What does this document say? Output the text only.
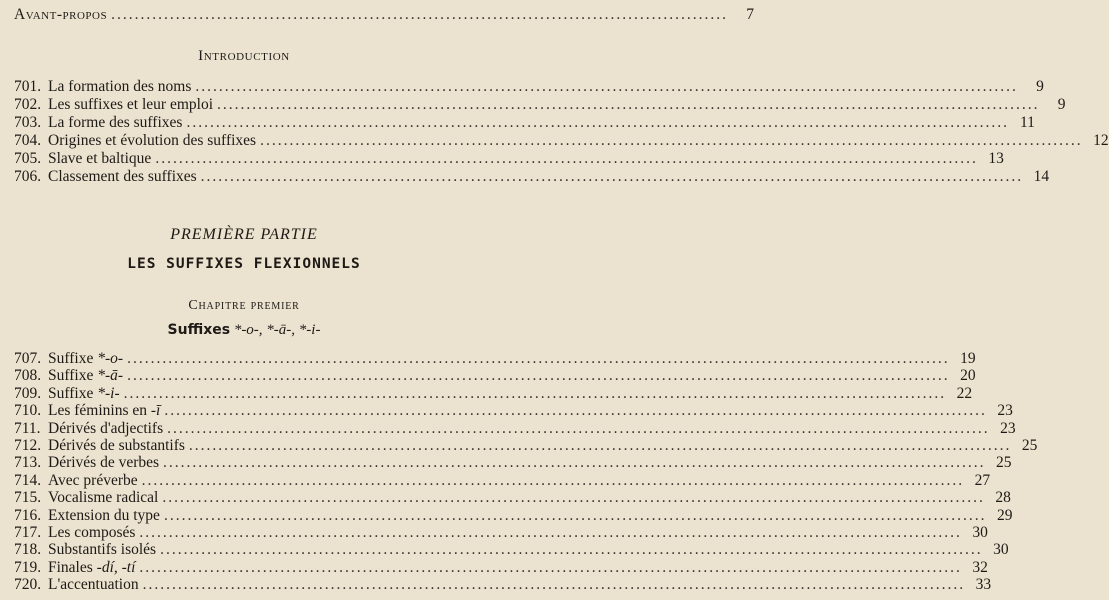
Avant-propos .........................................................................................................	7
Introduction
701. La formation des noms ............................................................................................................................................	9
702. Les suffixes et leur emploi ............................................................................................................................................	9
703. La forme des suffixes ............................................................................................................................................ 11
704. Origines et évolution des suffixes ............................................................................................................................................ 12
705. Slave et baltique ............................................................................................................................................ 13
706. Classement des suffixes ............................................................................................................................................ 14
PREMIÈRE PARTIE
LES SUFFIXES FLEXIONNELS
Chapitre premier
Suffixes *-o-, *-ā-, *-i-
707. Suffixe *-o- ............................................................................................................................................ 19
708. Suffixe *-ā- ............................................................................................................................................ 20
709. Suffixe *-i- ............................................................................................................................................ 22
710. Les féminins en -ī ............................................................................................................................................ 23
711. Dérivés d'adjectifs ............................................................................................................................................ 23
712. Dérivés de substantifs ............................................................................................................................................ 25
713. Dérivés de verbes ............................................................................................................................................ 25
714. Avec préverbe ............................................................................................................................................ 27
715. Vocalisme radical ............................................................................................................................................ 28
716. Extension du type ............................................................................................................................................ 29
717. Les composés ............................................................................................................................................ 30
718. Substantifs isolés ............................................................................................................................................ 30
719. Finales -dí, -tí ............................................................................................................................................ 32
720. L'accentuation ............................................................................................................................................ 33
